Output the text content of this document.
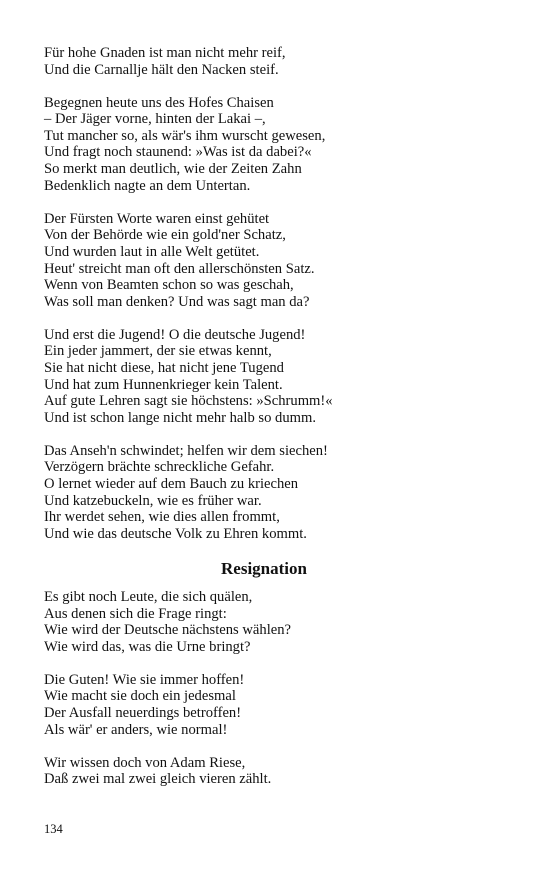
Für hohe Gnaden ist man nicht mehr reif,
Und die Carnallje hält den Nacken steif.
Begegnen heute uns des Hofes Chaisen
– Der Jäger vorne, hinten der Lakai –,
Tut mancher so, als wär's ihm wurscht gewesen,
Und fragt noch staunend: »Was ist da dabei?«
So merkt man deutlich, wie der Zeiten Zahn
Bedenklich nagte an dem Untertan.
Der Fürsten Worte waren einst gehütet
Von der Behörde wie ein gold'ner Schatz,
Und wurden laut in alle Welt getütet.
Heut' streicht man oft den allerschönsten Satz.
Wenn von Beamten schon so was geschah,
Was soll man denken? Und was sagt man da?
Und erst die Jugend! O die deutsche Jugend!
Ein jeder jammert, der sie etwas kennt,
Sie hat nicht diese, hat nicht jene Tugend
Und hat zum Hunnenkrieger kein Talent.
Auf gute Lehren sagt sie höchstens: »Schrumm!«
Und ist schon lange nicht mehr halb so dumm.
Das Anseh'n schwindet; helfen wir dem siechen!
Verzögern brächte schreckliche Gefahr.
O lernet wieder auf dem Bauch zu kriechen
Und katzebuckeln, wie es früher war.
Ihr werdet sehen, wie dies allen frommt,
Und wie das deutsche Volk zu Ehren kommt.
Resignation
Es gibt noch Leute, die sich quälen,
Aus denen sich die Frage ringt:
Wie wird der Deutsche nächstens wählen?
Wie wird das, was die Urne bringt?
Die Guten! Wie sie immer hoffen!
Wie macht sie doch ein jedesmal
Der Ausfall neuerdings betroffen!
Als wär' er anders, wie normal!
Wir wissen doch von Adam Riese,
Daß zwei mal zwei gleich vieren zählt.
134
